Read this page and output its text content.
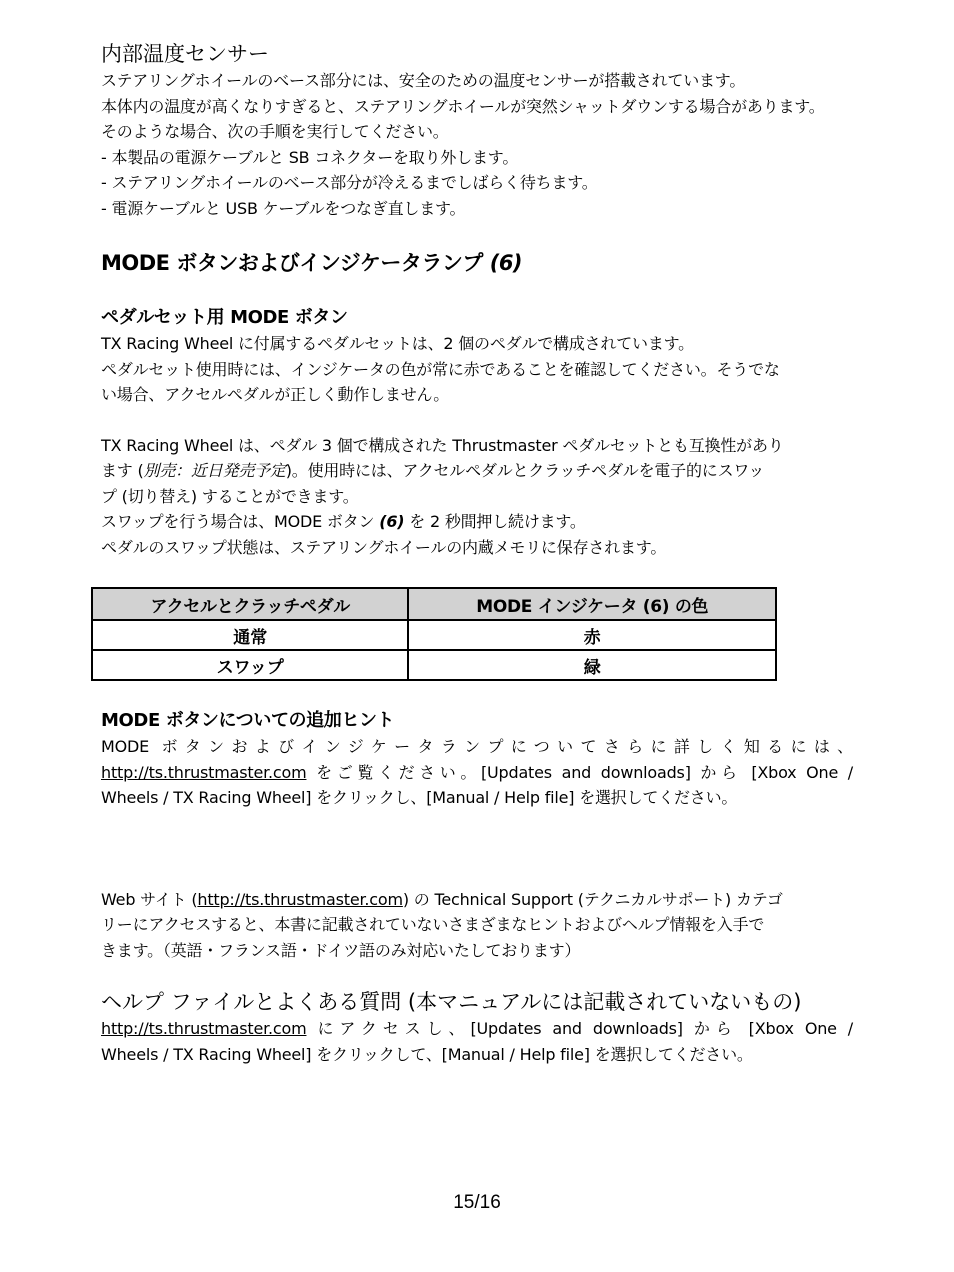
内部温度センサー

ステアリングホイールのベース部分には、安全のための温度センサーが搭載されています。

本体内の温度が高くなりすぎると、ステアリングホイールが突然シャットダウンする場合があります。

そのような場合、次の手順を実行してください。

- 本製品の電源ケーブルと SB コネクターを取り外します。

- ステアリングホイールのベース部分が冷えるまでしばらく待ちます。

- 電源ケーブルと USB ケーブルをつなぎ直します。

MODE ボタンおよびインジケータランプ (6)
ペダルセット用 MODE ボタン

TX Racing Wheel に付属するペダルセットは、2 個のペダルで構成されています。

ペダルセット使用時には、インジケータの色が常に赤であることを確認してください。そうでな

い場合、アクセルペダルが正しく動作しません。

TX Racing Wheel は、ペダル 3 個で構成された Thrustmaster ペダルセットとも互換性があり

ます (別売：近日発売予定)。使用時には、アクセルペダルとクラッチペダルを電子的にスワッ

プ (切り替え) することができます。

スワップを行う場合は、MODE ボタン (6) を 2 秒間押し続けます。

ペダルのスワップ状態は、ステアリングホイールの内蔵メモリに保存されます。

アクセルとクラッチペダル	MODE インジケータ (6) の色
通常	赤
スワップ	緑
MODE ボタンについての追加ヒント

MODE ボタンおよびインジケータランプについてさらに詳しく知るには、

http://ts.thrustmaster.com をご覧ください。[Updates and downloads] から [Xbox One /

Wheels / TX Racing Wheel] をクリックし、[Manual / Help file] を選択してください。

Web サイト (http://ts.thrustmaster.com) の Technical Support (テクニカルサポート) カテゴ

リーにアクセスすると、本書に記載されていないさまざまなヒントおよびヘルプ情報を入手で

きます。（英語・フランス語・ドイツ語のみ対応いたしております）

ヘルプ ファイルとよくある質問 (本マニュアルには記載されていないもの)

http://ts.thrustmaster.com にアクセスし、[Updates and downloads] から [Xbox One /

Wheels / TX Racing Wheel] をクリックして、[Manual / Help file] を選択してください。

15/16
